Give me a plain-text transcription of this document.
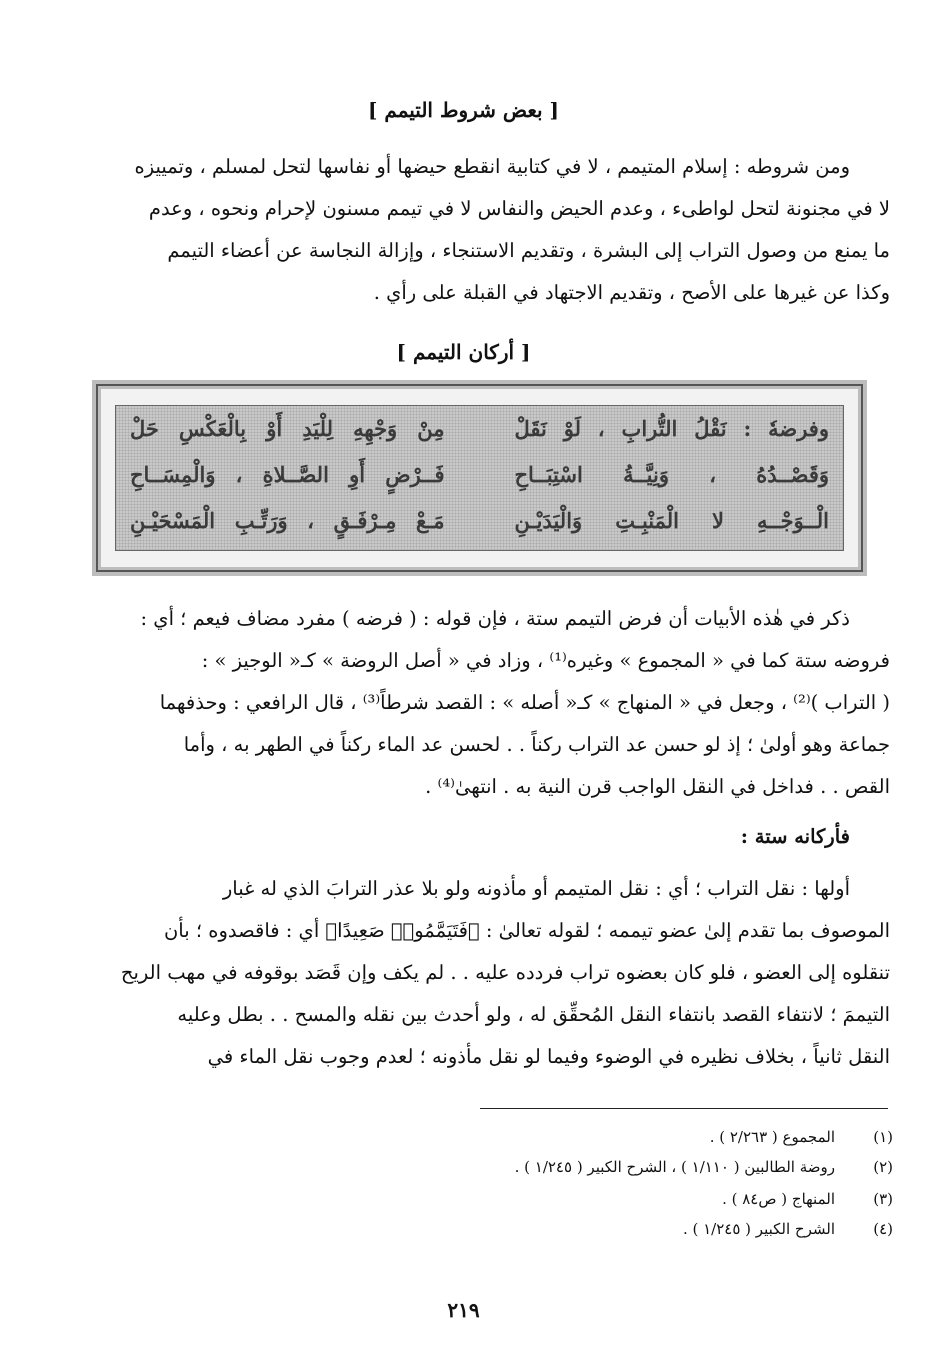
[ بعض شروط التيمم ]

ومن شروطه : إسلام المتيمم ، لا في كتابية انقطع حيضها أو نفاسها لتحل لمسلم ، وتمييزه

لا في مجنونة لتحل لواطىء ، وعدم الحيض والنفاس لا في تيمم مسنون لإحرام ونحوه ، وعدم

ما يمنع من وصول التراب إلى البشرة ، وتقديم الاستنجاء ، وإزالة النجاسة عن أعضاء التيمم

وكذا عن غيرها على الأصح ، وتقديم الاجتهاد في القبلة على رأي .

[ أركان التيمم ]
وفرضهٗ : نَقْلُ التُّرابِ ، لَوْ نَقَلْ
مِنْ وَجْهِهِ لِلْيَدِ أَوْ بِالْعَكْسِ حَلْ
وَقَصْــدُهُ ، وَنِيَّــةُ اسْتِبَــاحِ
فَــرْضٍ أَوِ الصَّــلاةِ ، وَالْمِسَــاحِ
الْــوَجْــهِ لا الْمَنْبِـتِ وَالْيَدَيْـنِ
مَـعْ مِـرْفَـقٍ ، وَرَتِّـبِ الْمَسْحَيْـنِ

ذكر في هٰذه الأبيات أن فرض التيمم ستة ، فإن قوله : ( فرضه ) مفرد مضاف فيعم ؛ أي :

فروضه ستة كما في « المجموع » وغيره⁽¹⁾ ، وزاد في « أصل الروضة » كـ« الوجيز » :

( التراب )⁽²⁾ ، وجعل في « المنهاج » كـ« أصله » : القصد شرطاً⁽³⁾ ، قال الرافعي : وحذفهما

جماعة وهو أولىٰ ؛ إذ لو حسن عد التراب ركناً . . لحسن عد الماء ركناً في الطهر به ، وأما

القص . . فداخل في النقل الواجب قرن النية به . انتهىٰ⁽⁴⁾ .

فأركانه ستة :

أولها : نقل التراب ؛ أي : نقل المتيمم أو مأذونه ولو بلا عذر الترابَ الذي له غبار

الموصوف بما تقدم إلىٰ عضو تيممه ؛ لقوله تعالىٰ : ﴿فَتَيَمَّمُوا۟ صَعِيدًا﴾ أي : فاقصدوه ؛ بأن

تنقلوه إلى العضو ، فلو كان بعضوه تراب فردده عليه . . لم يكف وإن قَصَد بوقوفه في مهب الريح

التيممَ ؛ لانتفاء القصد بانتفاء النقل المُحقِّق له ، ولو أحدث بين نقله والمسح . . بطل وعليه

النقل ثانياً ، بخلاف نظيره في الوضوء وفيما لو نقل مأذونه ؛ لعدم وجوب نقل الماء في

(١)
المجموع ( ٢/٢٦٣ ) .
(٢)
روضة الطالبين ( ١/١١٠ ) ، الشرح الكبير ( ١/٢٤٥ ) .
(٣)
المنهاج ( ص٨٤ ) .
(٤)
الشرح الكبير ( ١/٢٤٥ ) .
٢١٩
